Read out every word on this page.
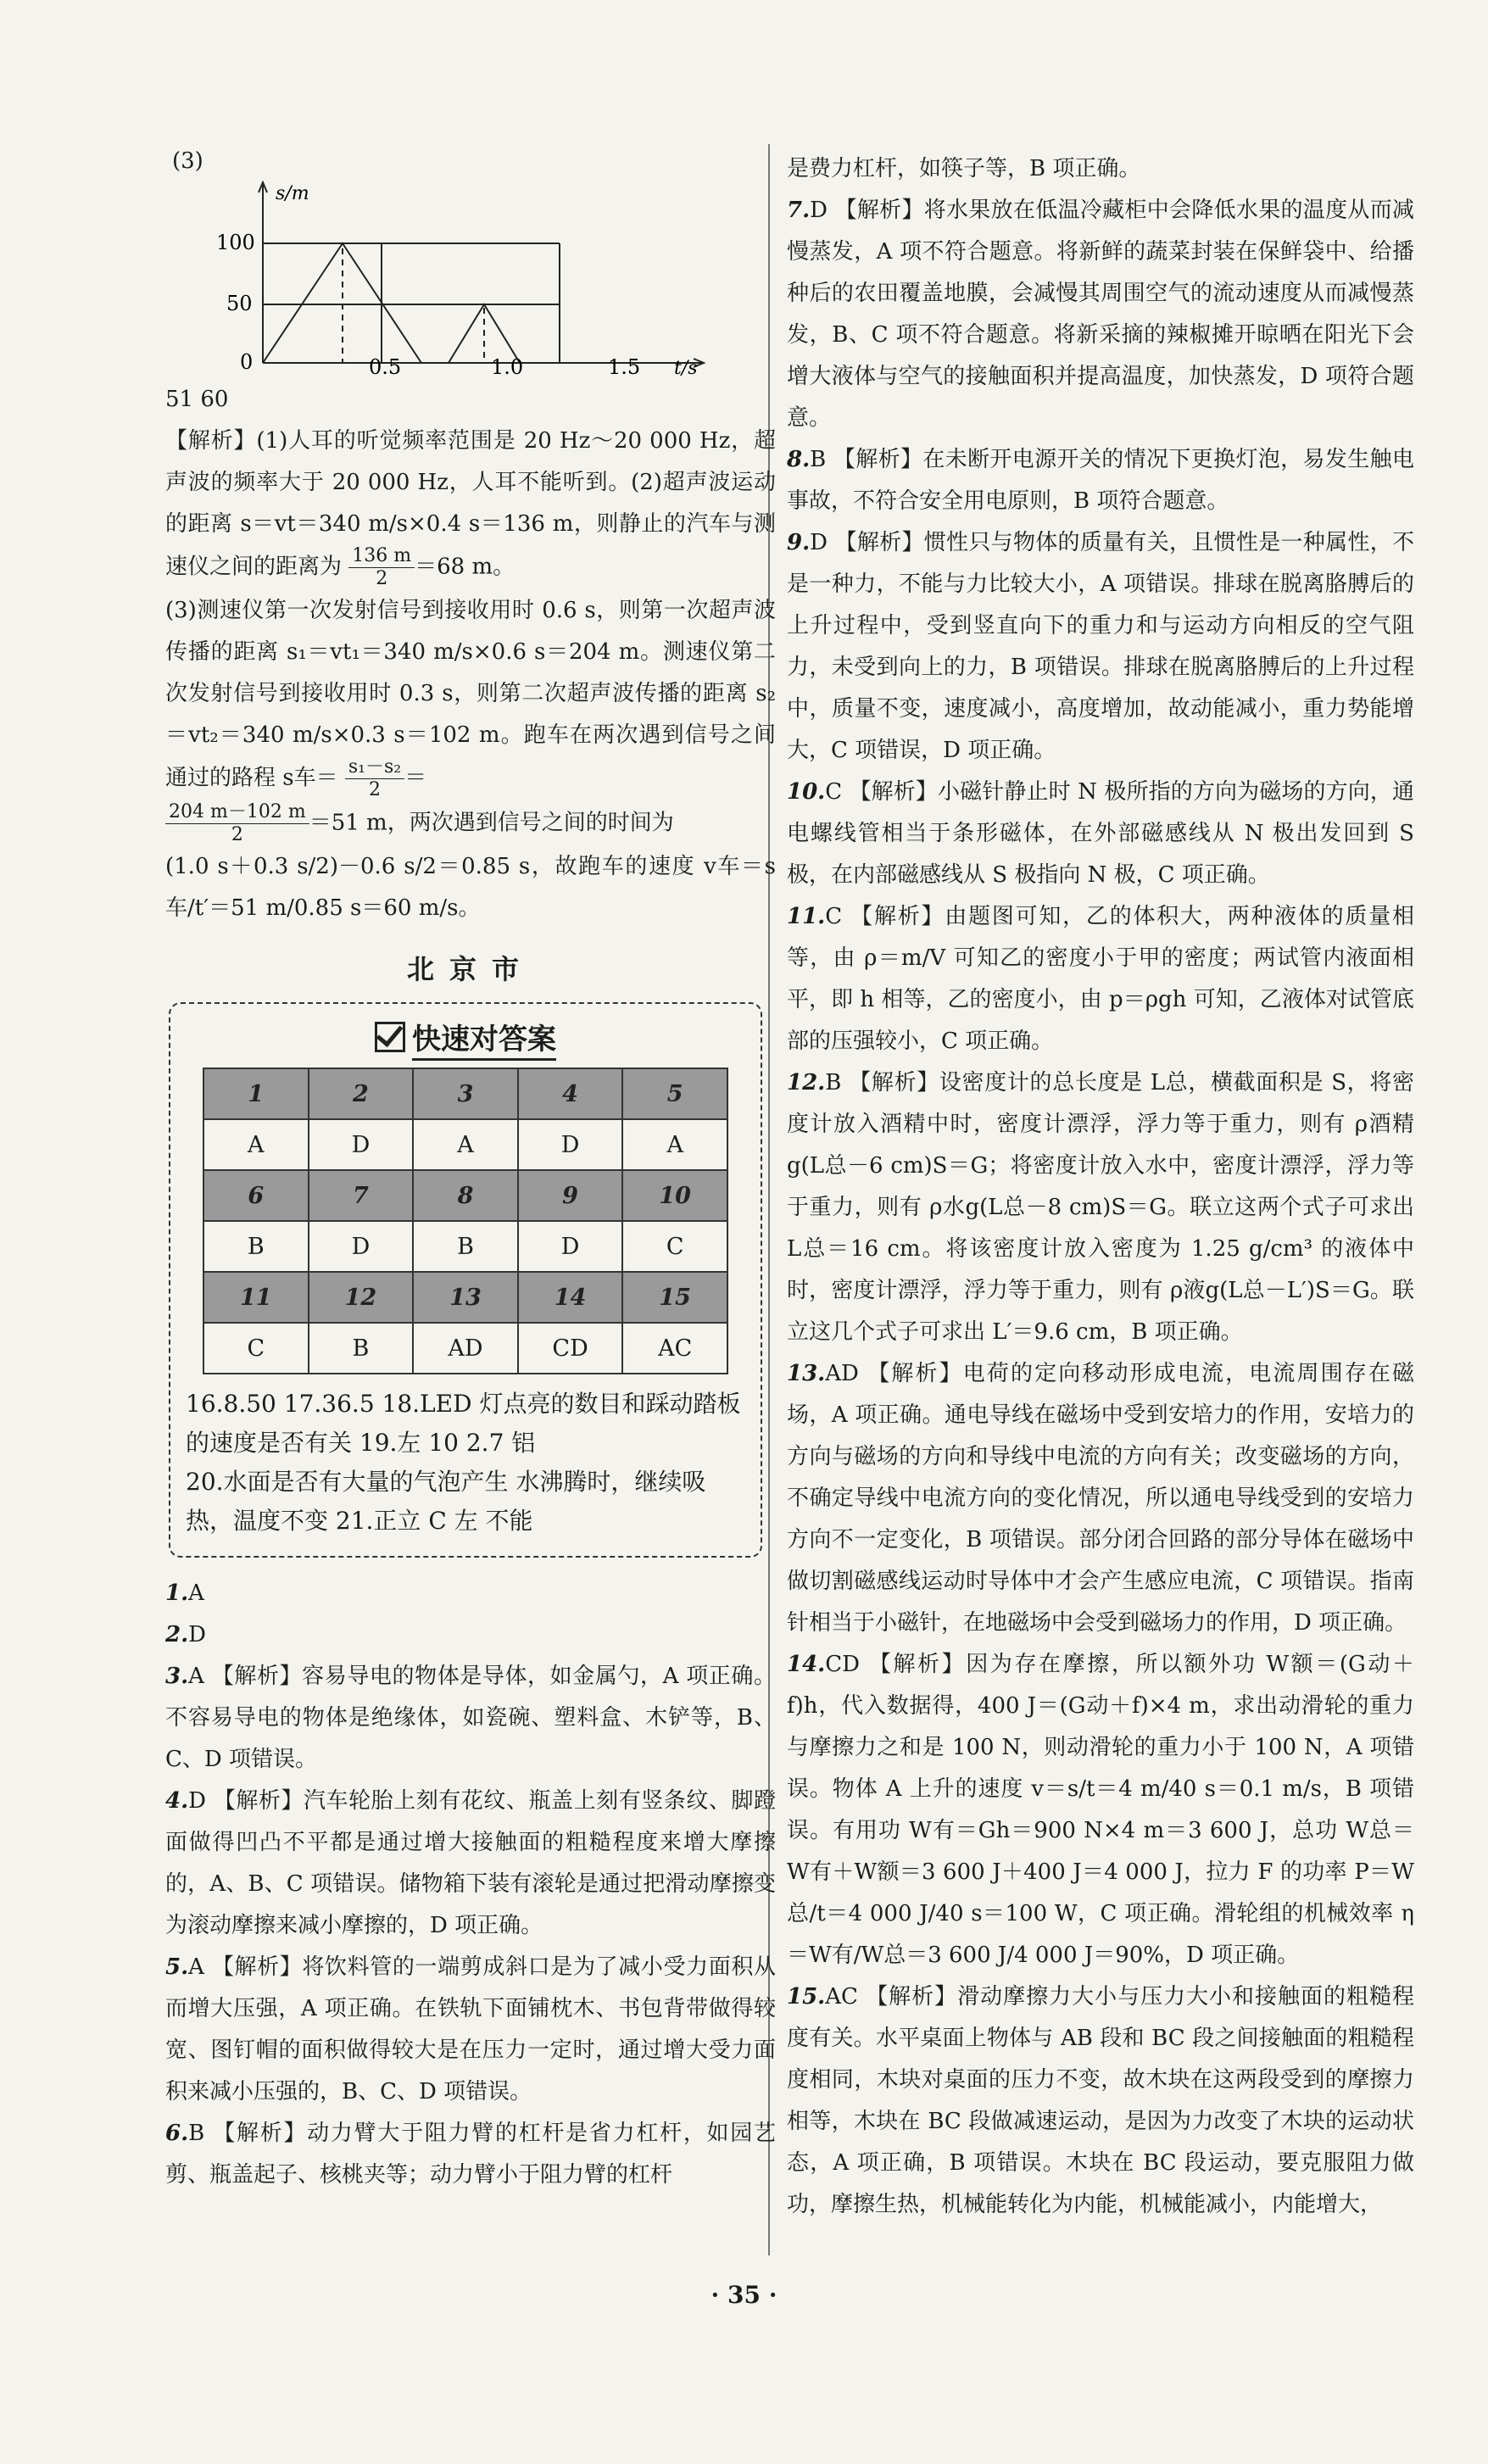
(3)
s/m
100
50
0	0.5	1.0	1.5 t/s

51 60

【解析】(1)人耳的听觉频率范围是 20 Hz～20 000 Hz，超声波的频率大于 20 000 Hz，人耳不能听到。(2)超声波运动的距离 s＝vt＝340 m/s×0.4 s＝136 m，则静止的汽车与测速仪之间的距离为 $\frac{136 m}{2} =68$ m。

(3)测速仪第一次发射信号到接收用时 0.6 s，则第一次超声波传播的距离 s₁＝vt₁＝340 m/s×0.6 s＝204 m。测速仪第二次发射信号到接收用时 0.3 s，则第二次超声波传播的距离 s₂＝vt₂＝340 m/s×0.3 s＝102 m。跑车在两次遇到信号之间通过的路程 s车＝ $\frac{\text{s₁－s₂}}{2}$ ＝

$\frac{204 m-102 m}{2} =51$ m，两次遇到信号之间的时间为

(1.0 s＋0.3 s/2)－0.6 s/2＝0.85 s，故跑车的速度 v车＝s车/t′＝51 m/0.85 s＝60 m/s。

北京市
快速对答案
1	2	3	4	5
A	D	A	D	A
6	7	8	9	10
B	D	B	D	C
11	12	13	14	15
C	B	AD	CD	AC

16.8.50 17.36.5 18.LED 灯点亮的数目和踩动踏板的速度是否有关 19.左 10 2.7 铝

20.水面是否有大量的气泡产生 水沸腾时，继续吸热，温度不变 21.正立 C 左 不能

1.A

2.D

3.A 【解析】容易导电的物体是导体，如金属勺，A 项正确。不容易导电的物体是绝缘体，如瓷碗、塑料盒、木铲等，B、C、D 项错误。

4.D 【解析】汽车轮胎上刻有花纹、瓶盖上刻有竖条纹、脚蹬面做得凹凸不平都是通过增大接触面的粗糙程度来增大摩擦的，A、B、C 项错误。储物箱下装有滚轮是通过把滑动摩擦变为滚动摩擦来减小摩擦的，D 项正确。

5.A 【解析】将饮料管的一端剪成斜口是为了减小受力面积从而增大压强，A 项正确。在铁轨下面铺枕木、书包背带做得较宽、图钉帽的面积做得较大是在压力一定时，通过增大受力面积来减小压强的，B、C、D 项错误。

6.B 【解析】动力臂大于阻力臂的杠杆是省力杠杆，如园艺剪、瓶盖起子、核桃夹等；动力臂小于阻力臂的杠杆

是费力杠杆，如筷子等，B 项正确。

7.D 【解析】将水果放在低温冷藏柜中会降低水果的温度从而减慢蒸发，A 项不符合题意。将新鲜的蔬菜封装在保鲜袋中、给播种后的农田覆盖地膜，会减慢其周围空气的流动速度从而减慢蒸发，B、C 项不符合题意。将新采摘的辣椒摊开晾晒在阳光下会增大液体与空气的接触面积并提高温度，加快蒸发，D 项符合题意。

8.B 【解析】在未断开电源开关的情况下更换灯泡，易发生触电事故，不符合安全用电原则，B 项符合题意。

9.D 【解析】惯性只与物体的质量有关，且惯性是一种属性，不是一种力，不能与力比较大小，A 项错误。排球在脱离胳膊后的上升过程中，受到竖直向下的重力和与运动方向相反的空气阻力，未受到向上的力，B 项错误。排球在脱离胳膊后的上升过程中，质量不变，速度减小，高度增加，故动能减小，重力势能增大，C 项错误，D 项正确。

10.C 【解析】小磁针静止时 N 极所指的方向为磁场的方向，通电螺线管相当于条形磁体，在外部磁感线从 N 极出发回到 S 极，在内部磁感线从 S 极指向 N 极，C 项正确。

11.C 【解析】由题图可知，乙的体积大，两种液体的质量相等，由 ρ＝m/V 可知乙的密度小于甲的密度；两试管内液面相平，即 h 相等，乙的密度小，由 p＝ρgh 可知，乙液体对试管底部的压强较小，C 项正确。

12.B 【解析】设密度计的总长度是 L总，横截面积是 S，将密度计放入酒精中时，密度计漂浮，浮力等于重力，则有 ρ酒精g(L总－6 cm)S＝G；将密度计放入水中，密度计漂浮，浮力等于重力，则有 ρ水g(L总－8 cm)S＝G。联立这两个式子可求出 L总＝16 cm。将该密度计放入密度为 1.25 g/cm³ 的液体中时，密度计漂浮，浮力等于重力，则有 ρ液g(L总－L′)S＝G。联立这几个式子可求出 L′＝9.6 cm，B 项正确。

13.AD 【解析】电荷的定向移动形成电流，电流周围存在磁场，A 项正确。通电导线在磁场中受到安培力的作用，安培力的方向与磁场的方向和导线中电流的方向有关；改变磁场的方向，不确定导线中电流方向的变化情况，所以通电导线受到的安培力方向不一定变化，B 项错误。部分闭合回路的部分导体在磁场中做切割磁感线运动时导体中才会产生感应电流，C 项错误。指南针相当于小磁针，在地磁场中会受到磁场力的作用，D 项正确。

14.CD 【解析】因为存在摩擦，所以额外功 W额＝(G动＋f)h，代入数据得，400 J＝(G动＋f)×4 m，求出动滑轮的重力与摩擦力之和是 100 N，则动滑轮的重力小于 100 N，A 项错误。物体 A 上升的速度 v＝s/t＝4 m/40 s＝0.1 m/s，B 项错误。有用功 W有＝Gh＝900 N×4 m＝3 600 J，总功 W总＝W有＋W额＝3 600 J＋400 J＝4 000 J，拉力 F 的功率 P＝W总/t＝4 000 J/40 s＝100 W，C 项正确。滑轮组的机械效率 η＝W有/W总＝3 600 J/4 000 J＝90%，D 项正确。

15.AC 【解析】滑动摩擦力大小与压力大小和接触面的粗糙程度有关。水平桌面上物体与 AB 段和 BC 段之间接触面的粗糙程度相同，木块对桌面的压力不变，故木块在这两段受到的摩擦力相等，木块在 BC 段做减速运动，是因为力改变了木块的运动状态，A 项正确，B 项错误。木块在 BC 段运动，要克服阻力做功，摩擦生热，机械能转化为内能，机械能减小，内能增大，

· 35 ·
